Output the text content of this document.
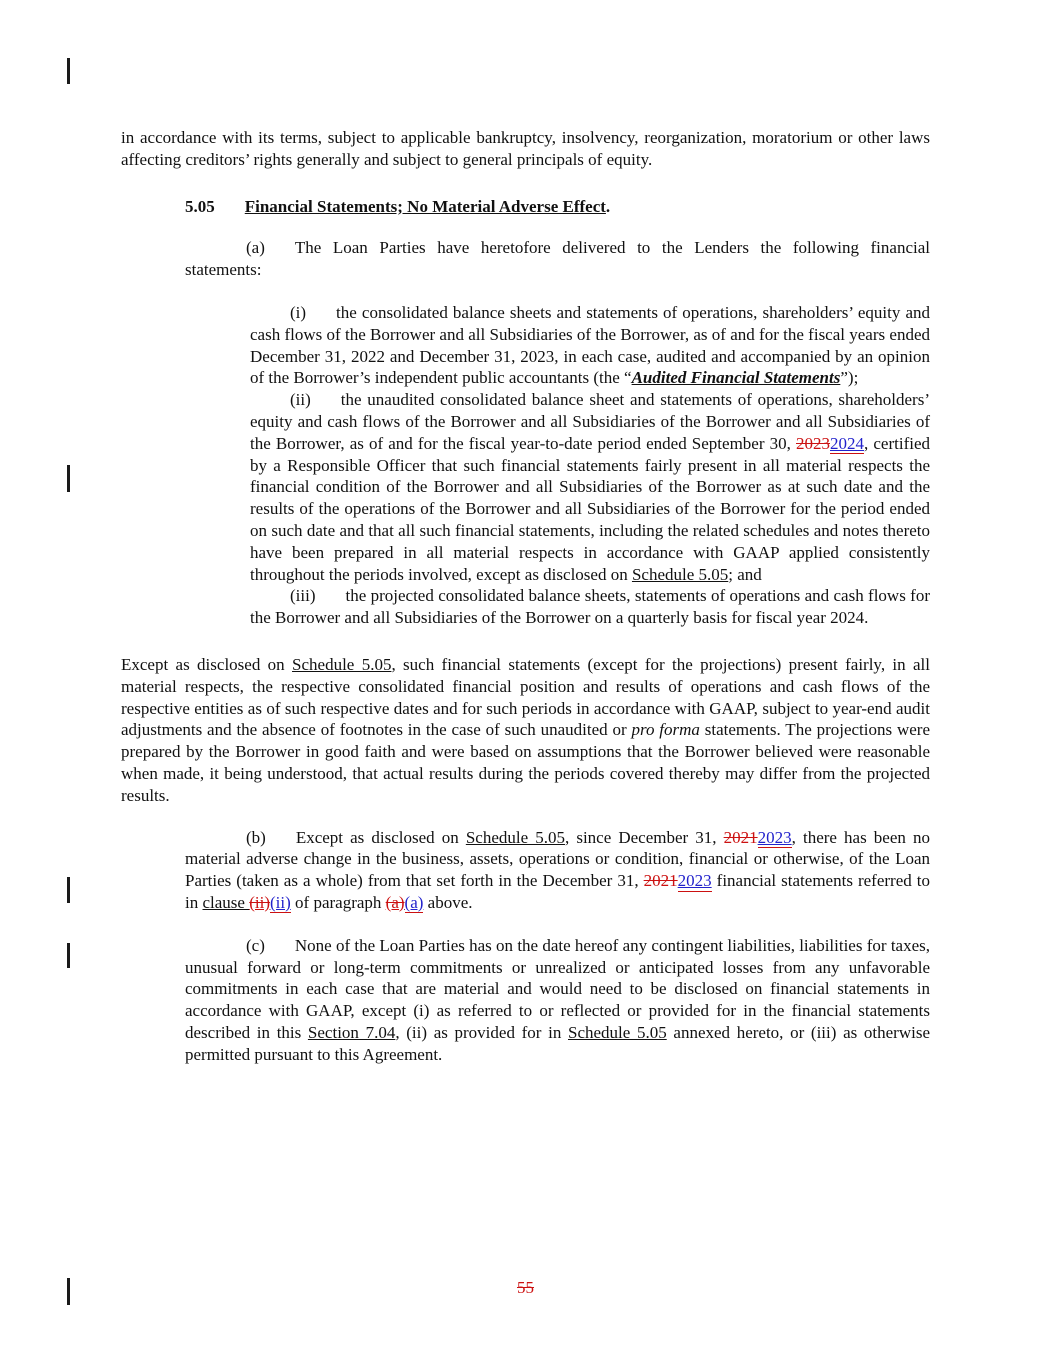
in accordance with its terms, subject to applicable bankruptcy, insolvency, reorganization, moratorium or other laws affecting creditors’ rights generally and subject to general principals of equity.

5.05 Financial Statements; No Material Adverse Effect.

(a) The Loan Parties have heretofore delivered to the Lenders the following financial statements:

(i) the consolidated balance sheets and statements of operations, shareholders’ equity and cash flows of the Borrower and all Subsidiaries of the Borrower, as of and for the fiscal years ended December 31, 2022 and December 31, 2023, in each case, audited and accompanied by an opinion of the Borrower’s independent public accountants (the “Audited Financial Statements”);

(ii) the unaudited consolidated balance sheet and statements of operations, shareholders’ equity and cash flows of the Borrower and all Subsidiaries of the Borrower and all Subsidiaries of the Borrower, as of and for the fiscal year-to-date period ended September 30, 20232024, certified by a Responsible Officer that such financial statements fairly present in all material respects the financial condition of the Borrower and all Subsidiaries of the Borrower as at such date and the results of the operations of the Borrower and all Subsidiaries of the Borrower for the period ended on such date and that all such financial statements, including the related schedules and notes thereto have been prepared in all material respects in accordance with GAAP applied consistently throughout the periods involved, except as disclosed on Schedule 5.05; and

(iii) the projected consolidated balance sheets, statements of operations and cash flows for the Borrower and all Subsidiaries of the Borrower on a quarterly basis for fiscal year 2024.

Except as disclosed on Schedule 5.05, such financial statements (except for the projections) present fairly, in all material respects, the respective consolidated financial position and results of operations and cash flows of the respective entities as of such respective dates and for such periods in accordance with GAAP, subject to year-end audit adjustments and the absence of footnotes in the case of such unaudited or pro forma statements. The projections were prepared by the Borrower in good faith and were based on assumptions that the Borrower believed were reasonable when made, it being understood, that actual results during the periods covered thereby may differ from the projected results.

(b) Except as disclosed on Schedule 5.05, since December 31, 20212023, there has been no material adverse change in the business, assets, operations or condition, financial or otherwise, of the Loan Parties (taken as a whole) from that set forth in the December 31, 20212023 financial statements referred to in clause (ii)(ii) of paragraph (a)(a) above.

(c) None of the Loan Parties has on the date hereof any contingent liabilities, liabilities for taxes, unusual forward or long-term commitments or unrealized or anticipated losses from any unfavorable commitments in each case that are material and would need to be disclosed on financial statements in accordance with GAAP, except (i) as referred to or reflected or provided for in the financial statements described in this Section 7.04, (ii) as provided for in Schedule 5.05 annexed hereto, or (iii) as otherwise permitted pursuant to this Agreement.

55
